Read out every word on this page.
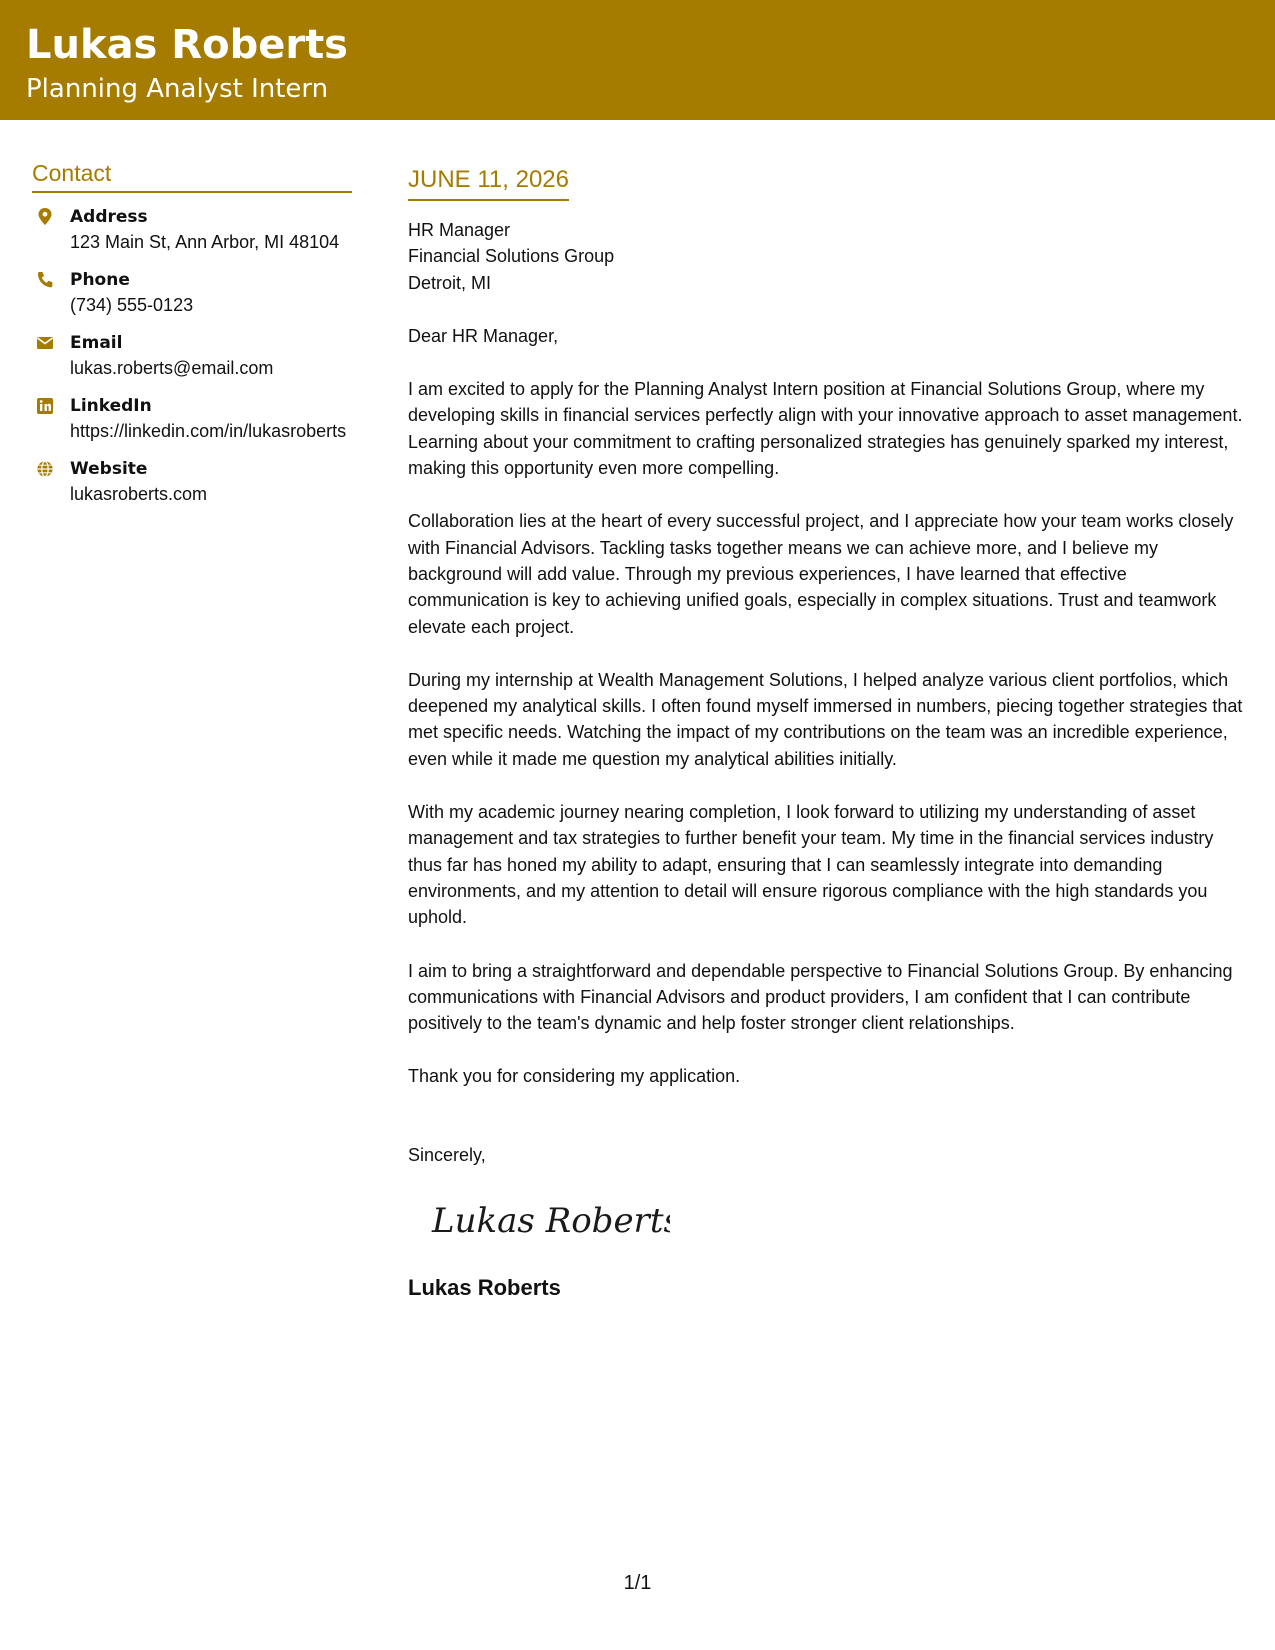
Lukas Roberts
Planning Analyst Intern
Contact
Address
123 Main St, Ann Arbor, MI 48104
Phone
(734) 555-0123
Email
lukas.roberts@email.com
LinkedIn
https://linkedin.com/in/lukasroberts
Website
lukasroberts.com
JUNE 11, 2026
HR Manager
Financial Solutions Group
Detroit, MI
Dear HR Manager,
I am excited to apply for the Planning Analyst Intern position at Financial Solutions Group, where my developing skills in financial services perfectly align with your innovative approach to asset management. Learning about your commitment to crafting personalized strategies has genuinely sparked my interest, making this opportunity even more compelling.
Collaboration lies at the heart of every successful project, and I appreciate how your team works closely with Financial Advisors. Tackling tasks together means we can achieve more, and I believe my background will add value. Through my previous experiences, I have learned that effective communication is key to achieving unified goals, especially in complex situations. Trust and teamwork elevate each project.
During my internship at Wealth Management Solutions, I helped analyze various client portfolios, which deepened my analytical skills. I often found myself immersed in numbers, piecing together strategies that met specific needs. Watching the impact of my contributions on the team was an incredible experience, even while it made me question my analytical abilities initially.
With my academic journey nearing completion, I look forward to utilizing my understanding of asset management and tax strategies to further benefit your team. My time in the financial services industry thus far has honed my ability to adapt, ensuring that I can seamlessly integrate into demanding environments, and my attention to detail will ensure rigorous compliance with the high standards you uphold.
I aim to bring a straightforward and dependable perspective to Financial Solutions Group. By enhancing communications with Financial Advisors and product providers, I am confident that I can contribute positively to the team's dynamic and help foster stronger client relationships.
Thank you for considering my application.
Sincerely,
Lukas Roberts
Lukas Roberts
1/1
